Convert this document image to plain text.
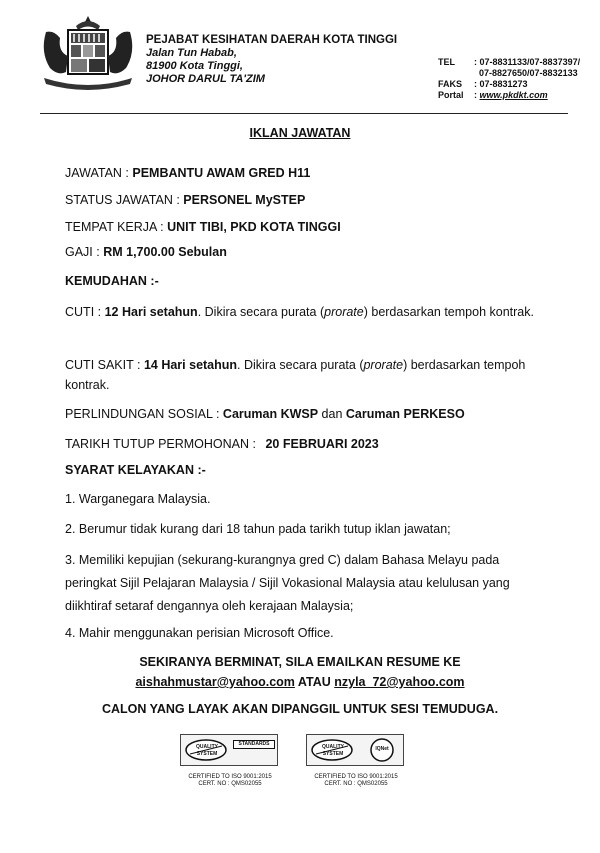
PEJABAT KESIHATAN DAERAH KOTA TINGGI
Jalan Tun Habab,
81900 Kota Tinggi,
JOHOR DARUL TA'ZIM
TEL	: 07-8831133/07-8837397/
07-8827650/07-8832133
FAKS	: 07-8831273
Portal	: www.pkdkt.com
IKLAN JAWATAN
JAWATAN : PEMBANTU AWAM GRED H11
STATUS JAWATAN : PERSONEL MySTEP
TEMPAT KERJA : UNIT TIBI, PKD KOTA TINGGI
GAJI : RM 1,700.00 Sebulan
KEMUDAHAN :-
CUTI : 12 Hari setahun. Dikira secara purata (prorate) berdasarkan tempoh kontrak.
CUTI SAKIT : 14 Hari setahun. Dikira secara purata (prorate) berdasarkan tempoh kontrak.
PERLINDUNGAN SOSIAL : Caruman KWSP dan Caruman PERKESO
TARIKH TUTUP PERMOHONAN : 20 FEBRUARI 2023
SYARAT KELAYAKAN :-
1. Warganegara Malaysia.
2. Berumur tidak kurang dari 18 tahun pada tarikh tutup iklan jawatan;
3. Memiliki kepujian (sekurang-kurangnya gred C) dalam Bahasa Melayu pada peringkat Sijil Pelajaran Malaysia / Sijil Vokasional Malaysia atau kelulusan yang diikhtiraf setaraf dengannya oleh kerajaan Malaysia;
4. Mahir menggunakan perisian Microsoft Office.
SEKIRANYA BERMINAT, SILA EMAILKAN RESUME KE
aishahmustar@yahoo.com ATAU nzyla_72@yahoo.com
CALON YANG LAYAK AKAN DIPANGGIL UNTUK SESI TEMUDUGA.
QUALITY SYSTEM
STANDARDS
CERTIFIED TO ISO 9001:2015
CERT. NO : QMS02055
QUALITY SYSTEM
IQNet
CERTIFIED TO ISO 9001:2015
CERT. NO : QMS02055
